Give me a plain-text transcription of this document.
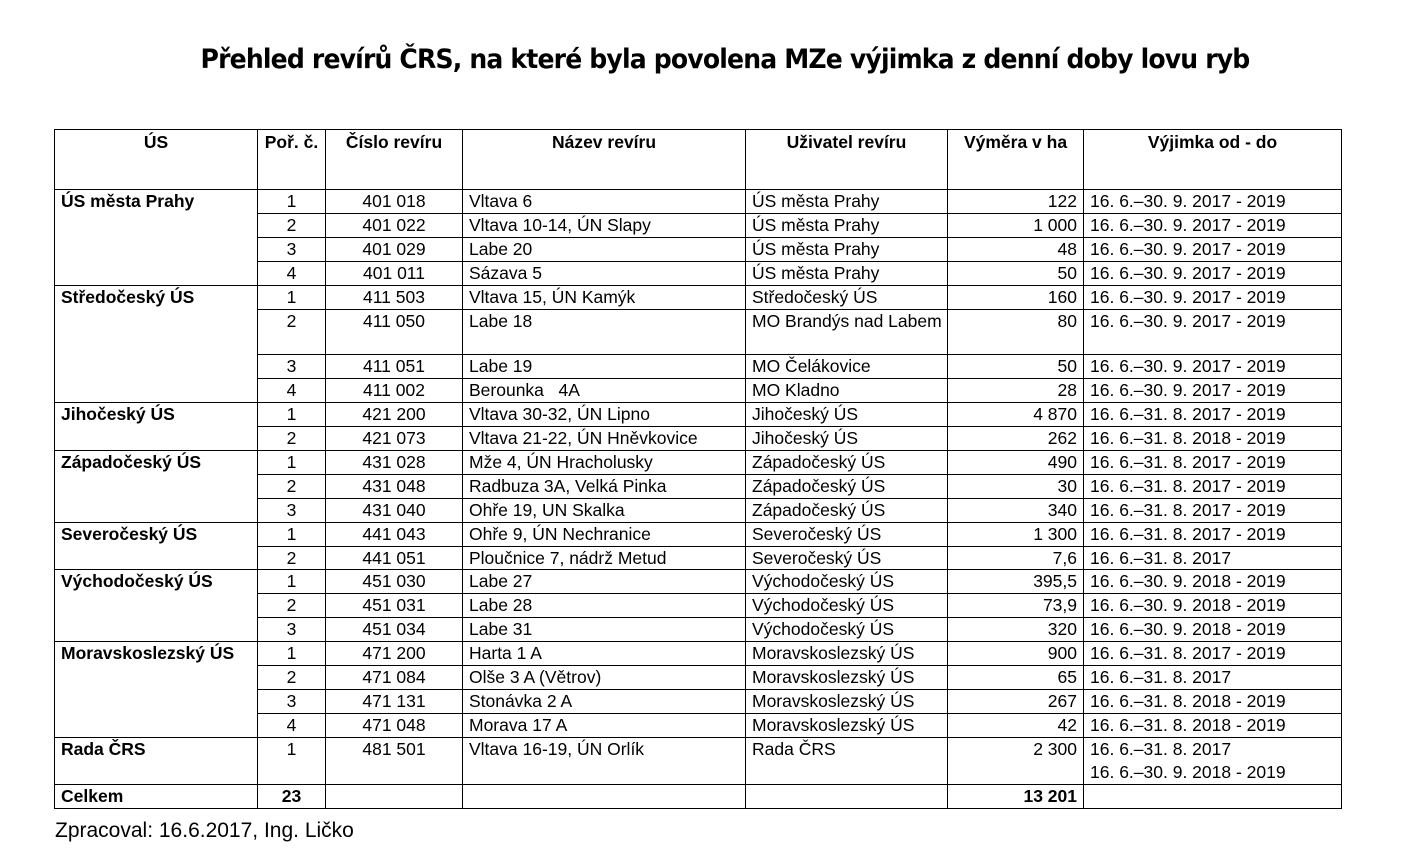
Přehled revírů ČRS, na které byla povolena MZe výjimka z denní doby lovu ryb
ÚS	Poř. č.	Číslo revíru	Název revíru	Uživatel revíru	Výměra v ha	Výjimka od - do
ÚS města Prahy	1	401 018	Vltava 6	ÚS města Prahy	122	16. 6.–30. 9. 2017 - 2019
	2	401 022	Vltava 10-14, ÚN Slapy	ÚS města Prahy	1 000	16. 6.–30. 9. 2017 - 2019
	3	401 029	Labe 20	ÚS města Prahy	48	16. 6.–30. 9. 2017 - 2019
	4	401 011	Sázava 5	ÚS města Prahy	50	16. 6.–30. 9. 2017 - 2019
Středočeský ÚS	1	411 503	Vltava 15, ÚN Kamýk	Středočeský ÚS	160	16. 6.–30. 9. 2017 - 2019
	2	411 050	Labe 18	MO Brandýs nad Labem	80	16. 6.–30. 9. 2017 - 2019
	3	411 051	Labe 19	MO Čelákovice	50	16. 6.–30. 9. 2017 - 2019
	4	411 002	Berounka   4A	MO Kladno	28	16. 6.–30. 9. 2017 - 2019
Jihočeský ÚS	1	421 200	Vltava 30-32, ÚN Lipno	Jihočeský ÚS	4 870	16. 6.–31. 8. 2017 - 2019
	2	421 073	Vltava 21-22, ÚN Hněvkovice	Jihočeský ÚS	262	16. 6.–31. 8. 2018 - 2019
Západočeský ÚS	1	431 028	Mže 4, ÚN Hracholusky	Západočeský ÚS	490	16. 6.–31. 8. 2017 - 2019
	2	431 048	Radbuza 3A, Velká Pinka	Západočeský ÚS	30	16. 6.–31. 8. 2017 - 2019
	3	431 040	Ohře 19, UN Skalka	Západočeský ÚS	340	16. 6.–31. 8. 2017 - 2019
Severočeský ÚS	1	441 043	Ohře 9, ÚN Nechranice	Severočeský ÚS	1 300	16. 6.–31. 8. 2017 - 2019
	2	441 051	Ploučnice 7, nádrž Metud	Severočeský ÚS	7,6	16. 6.–31. 8. 2017
Východočeský ÚS	1	451 030	Labe 27	Východočeský ÚS	395,5	16. 6.–30. 9. 2018 - 2019
	2	451 031	Labe 28	Východočeský ÚS	73,9	16. 6.–30. 9. 2018 - 2019
	3	451 034	Labe 31	Východočeský ÚS	320	16. 6.–30. 9. 2018 - 2019
Moravskoslezský ÚS	1	471 200	Harta 1 A	Moravskoslezský ÚS	900	16. 6.–31. 8. 2017 - 2019
	2	471 084	Olše 3 A (Větrov)	Moravskoslezský ÚS	65	16. 6.–31. 8. 2017
	3	471 131	Stonávka 2 A	Moravskoslezský ÚS	267	16. 6.–31. 8. 2018 - 2019
	4	471 048	Morava 17 A	Moravskoslezský ÚS	42	16. 6.–31. 8. 2018 - 2019
Rada ČRS	1	481 501	Vltava 16-19, ÚN Orlík	Rada ČRS	2 300	16. 6.–31. 8. 2017
16. 6.–30. 9. 2018 - 2019

Celkem	23				13 201	
Zpracoval: 16.6.2017, Ing. Ličko
